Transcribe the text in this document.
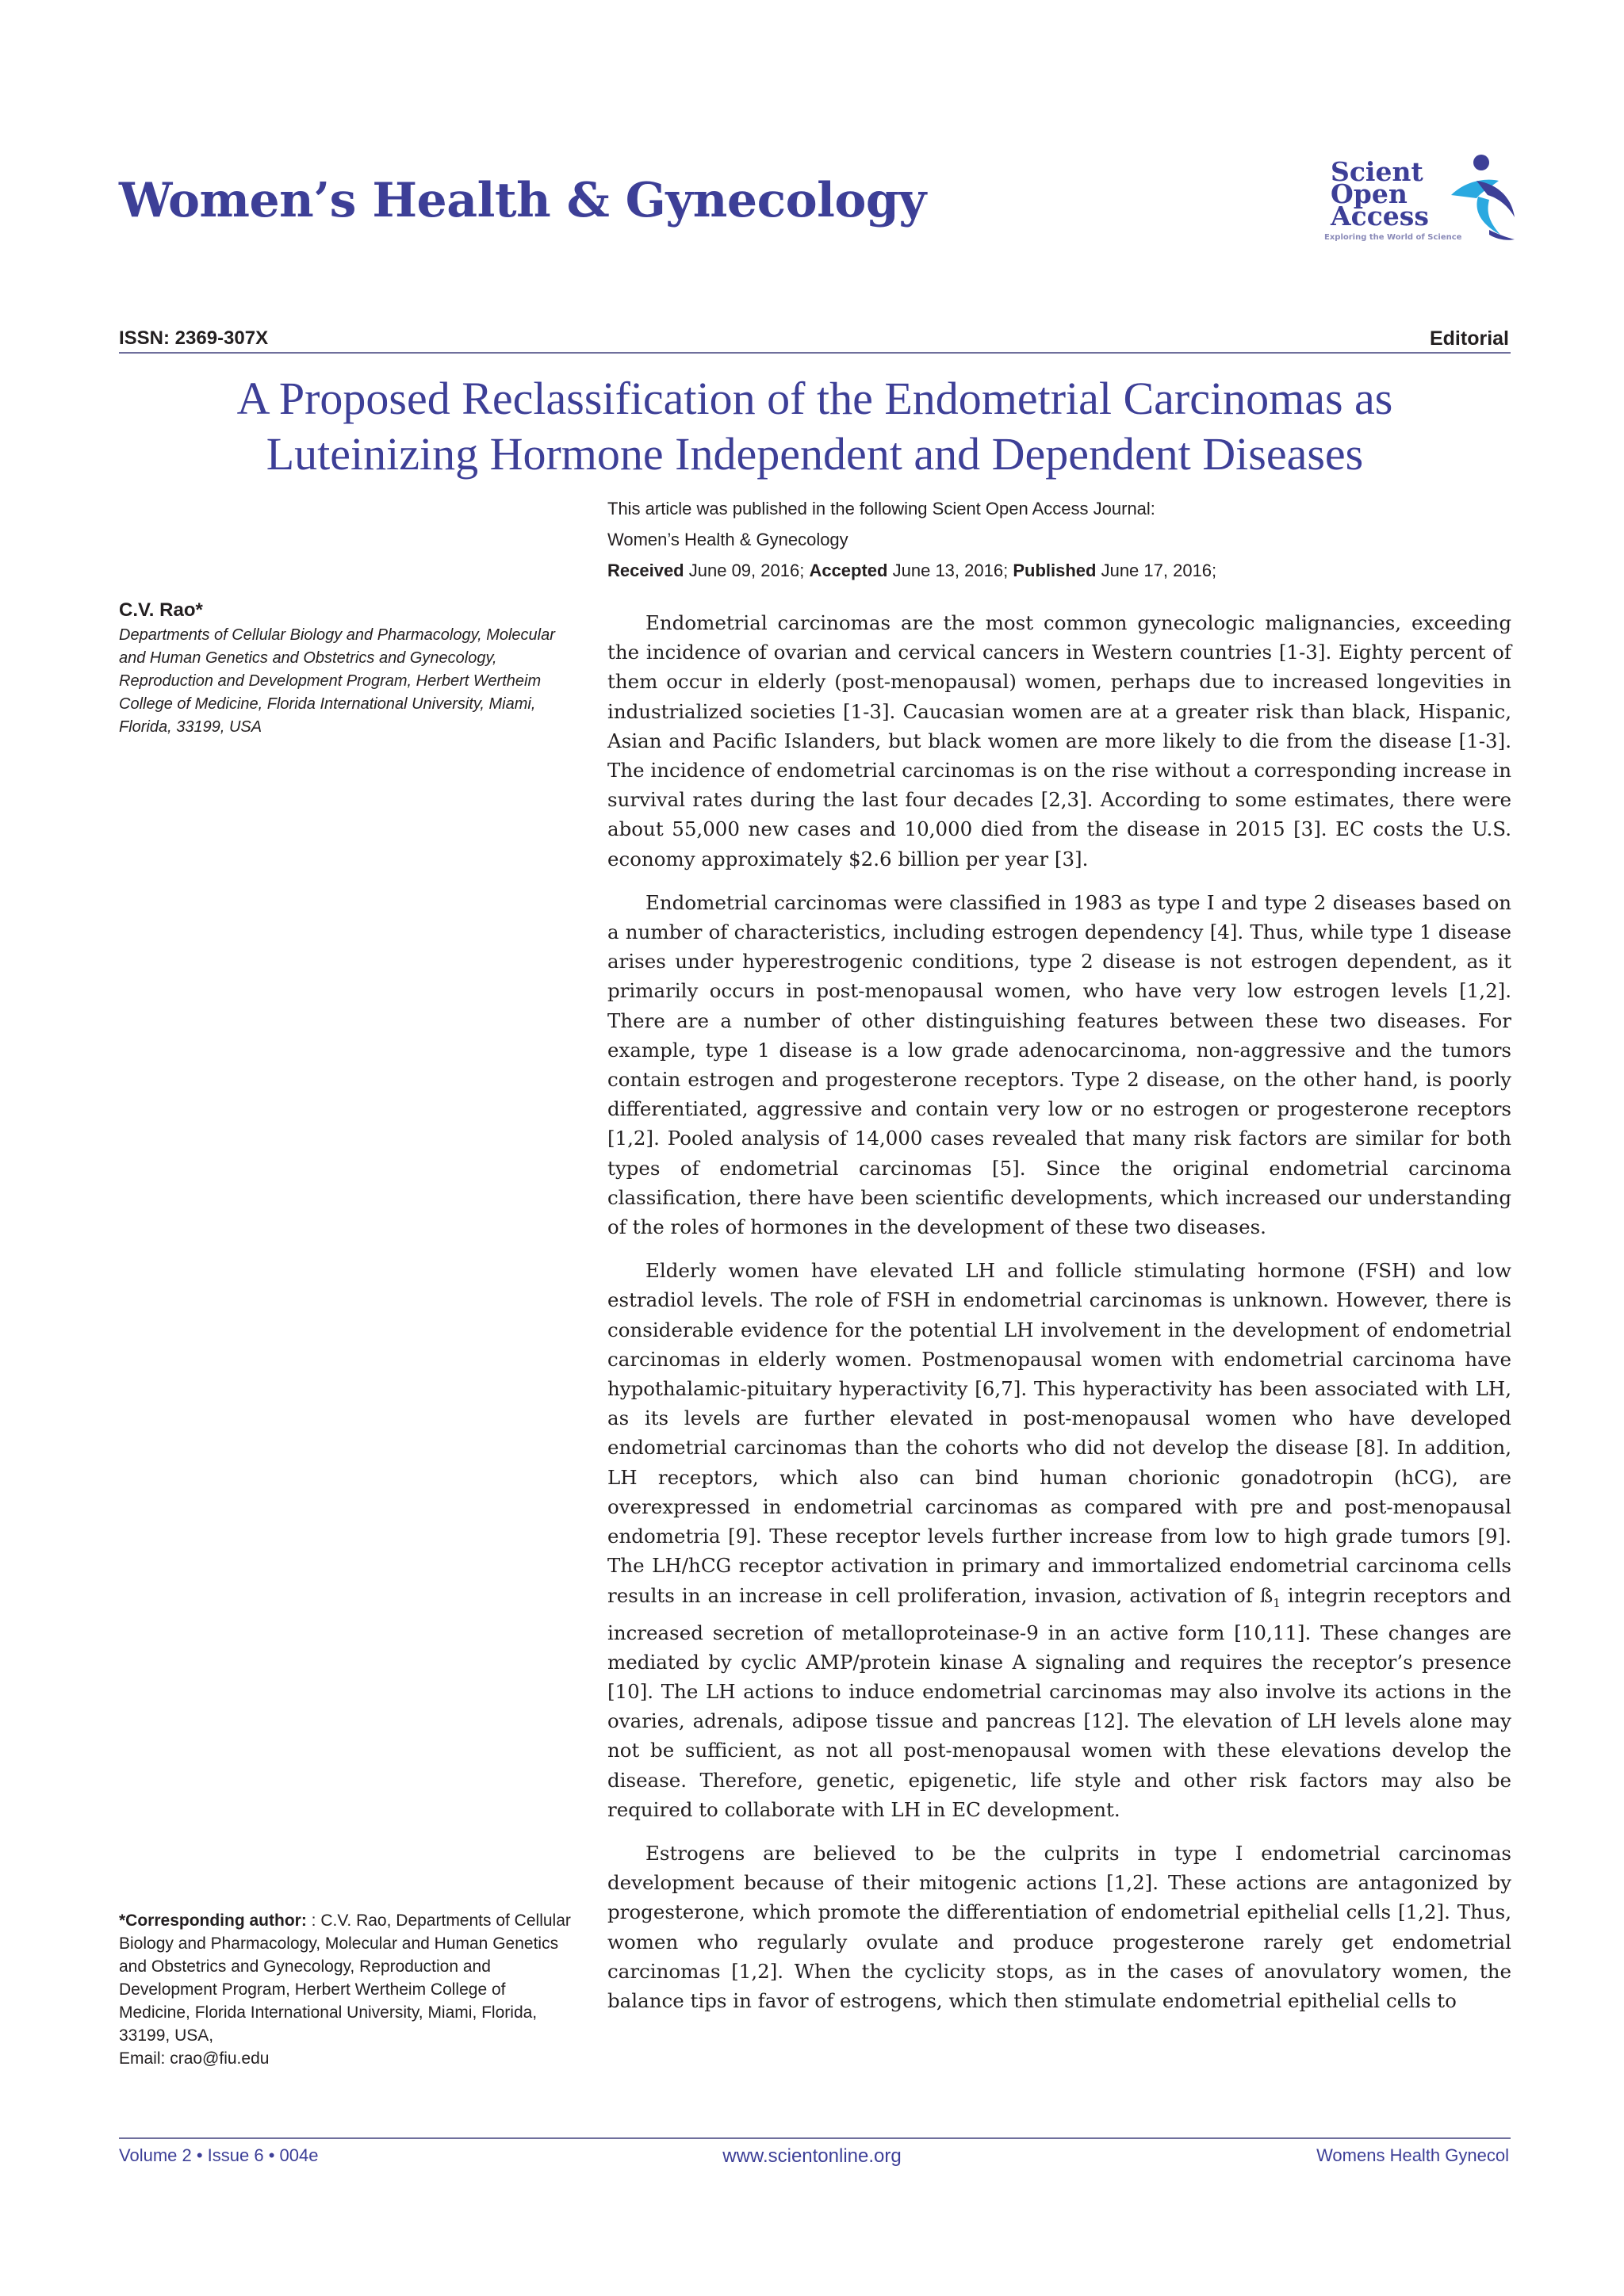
Women’s Health & Gynecology
Scient
Open
Access
Exploring the World of Science
ISSN: 2369-307X	Editorial
A Proposed Reclassification of the Endometrial Carcinomas as
Luteinizing Hormone Independent and Dependent Diseases
This article was published in the following Scient Open Access Journal:
Women’s Health & Gynecology
Received June 09, 2016; Accepted June 13, 2016; Published June 17, 2016;
C.V. Rao*
Departments of Cellular Biology and Pharmacology, Molecular and Human Genetics and Obstetrics and Gynecology, Reproduction and Development Program, Herbert Wertheim College of Medicine, Florida International University, Miami, Florida, 33199, USA
*Corresponding author: : C.V. Rao, Departments of Cellular Biology and Pharmacology, Molecular and Human Genetics and Obstetrics and Gynecology, Reproduction and Development Program, Herbert Wertheim College of Medicine, Florida International University, Miami, Florida, 33199, USA,
Email: crao@fiu.edu

Endometrial carcinomas are the most common gynecologic malignancies, exceeding the incidence of ovarian and cervical cancers in Western countries [1-3]. Eighty percent of them occur in elderly (post-menopausal) women, perhaps due to increased longevities in industrialized societies [1-3]. Caucasian women are at a greater risk than black, Hispanic, Asian and Pacific Islanders, but black women are more likely to die from the disease [1-3]. The incidence of endometrial carcinomas is on the rise without a corresponding increase in survival rates during the last four decades [2,3]. According to some estimates, there were about 55,000 new cases and 10,000 died from the disease in 2015 [3]. EC costs the U.S. economy approximately $2.6 billion per year [3].

Endometrial carcinomas were classified in 1983 as type I and type 2 diseases based on a number of characteristics, including estrogen dependency [4]. Thus, while type 1 disease arises under hyperestrogenic conditions, type 2 disease is not estrogen dependent, as it primarily occurs in post-menopausal women, who have very low estrogen levels [1,2]. There are a number of other distinguishing features between these two diseases. For example, type 1 disease is a low grade adenocarcinoma, non-aggressive and the tumors contain estrogen and progesterone receptors. Type 2 disease, on the other hand, is poorly differentiated, aggressive and contain very low or no estrogen or progesterone receptors [1,2]. Pooled analysis of 14,000 cases revealed that many risk factors are similar for both types of endometrial carcinomas [5]. Since the original endometrial carcinoma classification, there have been scientific developments, which increased our understanding of the roles of hormones in the development of these two diseases.

Elderly women have elevated LH and follicle stimulating hormone (FSH) and low estradiol levels. The role of FSH in endometrial carcinomas is unknown. However, there is considerable evidence for the potential LH involvement in the development of endometrial carcinomas in elderly women. Postmenopausal women with endometrial carcinoma have hypothalamic-pituitary hyperactivity [6,7]. This hyperactivity has been associated with LH, as its levels are further elevated in post-menopausal women who have developed endometrial carcinomas than the cohorts who did not develop the disease [8]. In addition, LH receptors, which also can bind human chorionic gonadotropin (hCG), are overexpressed in endometrial carcinomas as compared with pre and post-menopausal endometria [9]. These receptor levels further increase from low to high grade tumors [9]. The LH/hCG receptor activation in primary and immortalized endometrial carcinoma cells results in an increase in cell proliferation, invasion, activation of $ß_1$ integrin receptors and increased secretion of metalloproteinase-9 in an active form [10,11]. These changes are mediated by cyclic AMP/protein kinase A signaling and requires the receptor’s presence [10]. The LH actions to induce endometrial carcinomas may also involve its actions in the ovaries, adrenals, adipose tissue and pancreas [12]. The elevation of LH levels alone may not be sufficient, as not all post-menopausal women with these elevations develop the disease. Therefore, genetic, epigenetic, life style and other risk factors may also be required to collaborate with LH in EC development.

Estrogens are believed to be the culprits in type I endometrial carcinomas development because of their mitogenic actions [1,2]. These actions are antagonized by progesterone, which promote the differentiation of endometrial epithelial cells [1,2]. Thus, women who regularly ovulate and produce progesterone rarely get endometrial carcinomas [1,2]. When the cyclicity stops, as in the cases of anovulatory women, the balance tips in favor of estrogens, which then stimulate endometrial epithelial cells to

Volume 2 • Issue 6 • 004e	www.scientonline.org	Womens Health Gynecol
